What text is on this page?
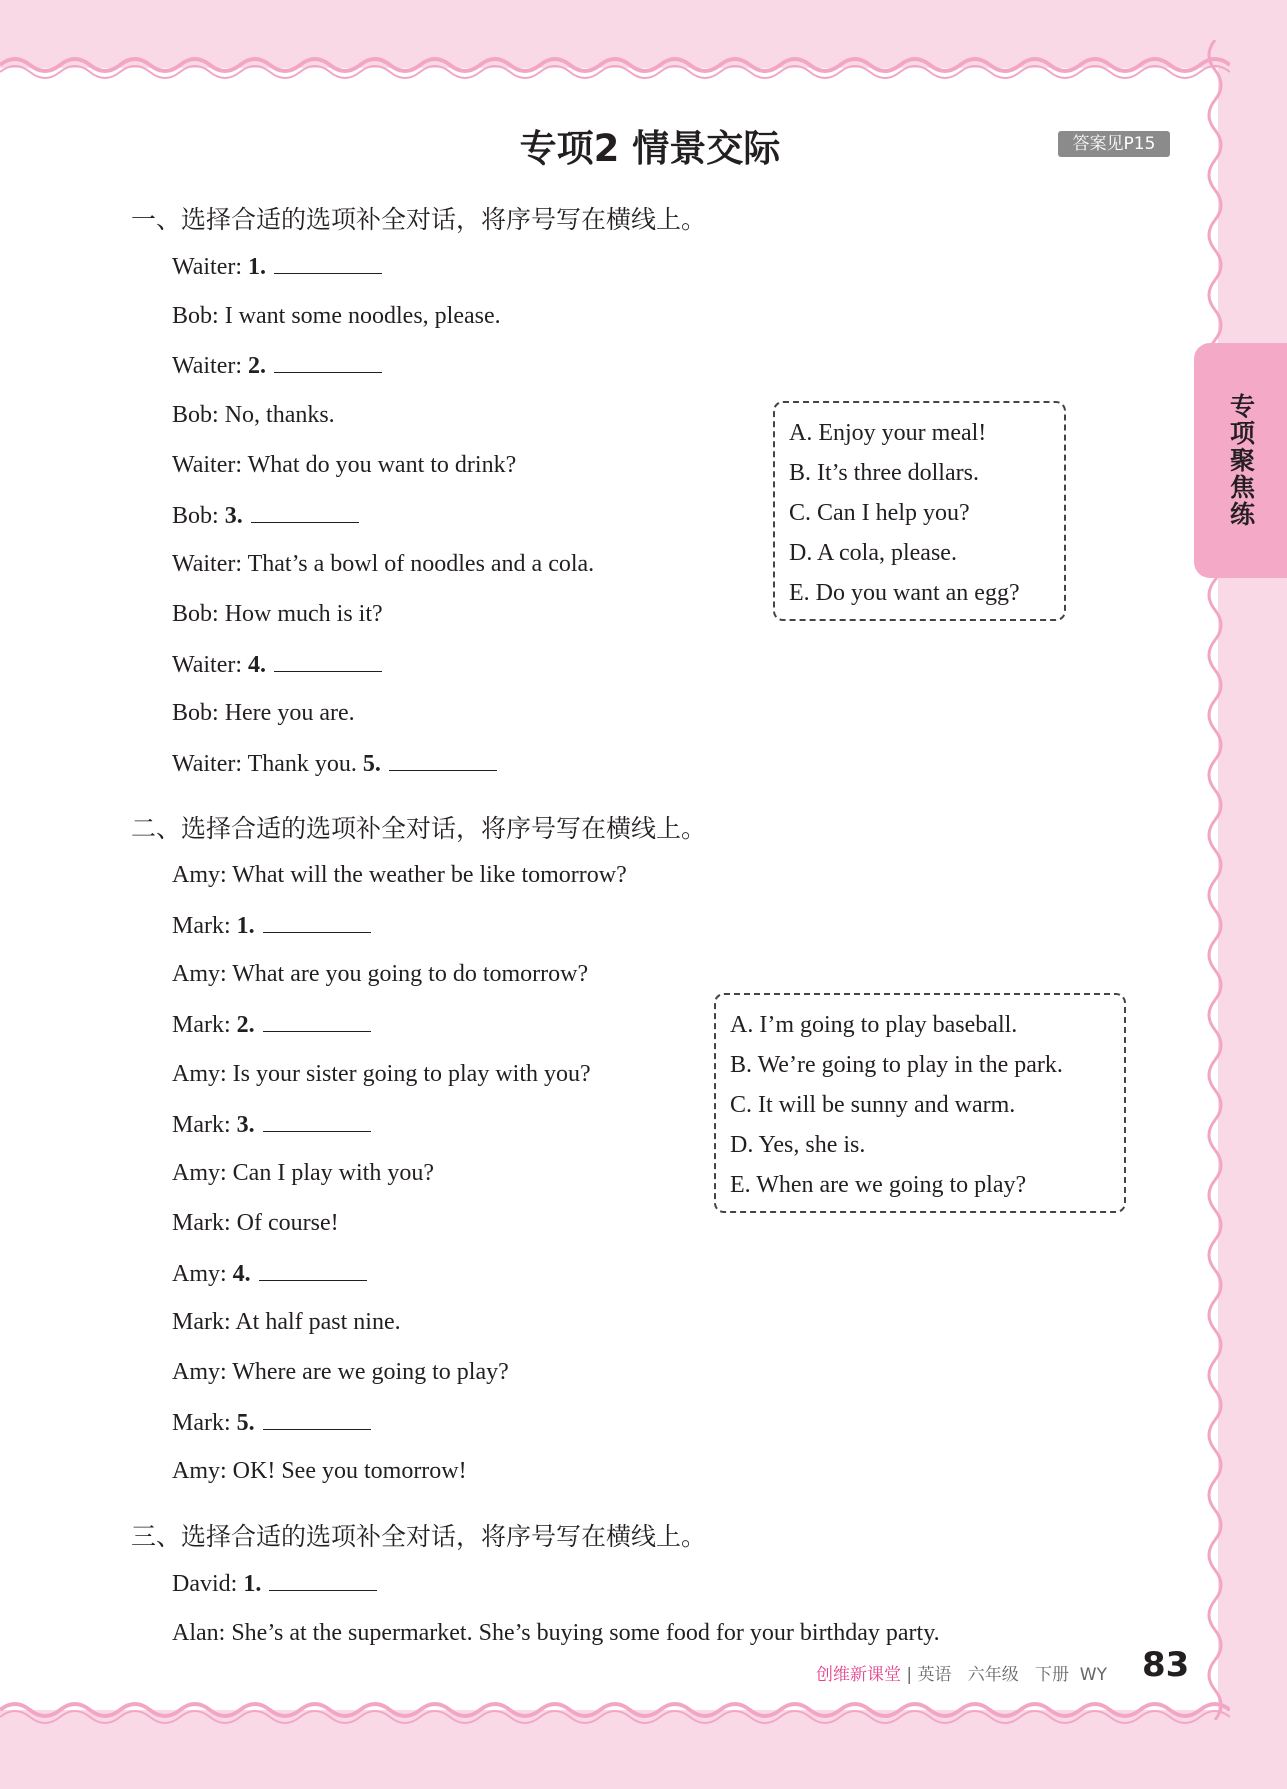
专项聚焦练
专项2 情景交际	答案见P15
一、选择合适的选项补全对话，将序号写在横线上。
Waiter: 1.
Bob: I want some noodles, please.
Waiter: 2.
Bob: No, thanks.
Waiter: What do you want to drink?
Bob: 3.
Waiter: That’s a bowl of noodles and a cola.
Bob: How much is it?
Waiter: 4.
Bob: Here you are.
Waiter: Thank you. 5.
A. Enjoy your meal!
B. It’s three dollars.
C. Can I help you?
D. A cola, please.
E. Do you want an egg?
二、选择合适的选项补全对话，将序号写在横线上。
Amy: What will the weather be like tomorrow?
Mark: 1.
Amy: What are you going to do tomorrow?
Mark: 2.
Amy: Is your sister going to play with you?
Mark: 3.
Amy: Can I play with you?
Mark: Of course!
Amy: 4.
Mark: At half past nine.
Amy: Where are we going to play?
Mark: 5.
Amy: OK! See you tomorrow!
A. I’m going to play baseball.
B. We’re going to play in the park.
C. It will be sunny and warm.
D. Yes, she is.
E. When are we going to play?
三、选择合适的选项补全对话，将序号写在横线上。
David: 1.
Alan: She’s at the supermarket. She’s buying some food for your birthday party.
创维新课堂 | 英语 六年级 下册 WY 83
